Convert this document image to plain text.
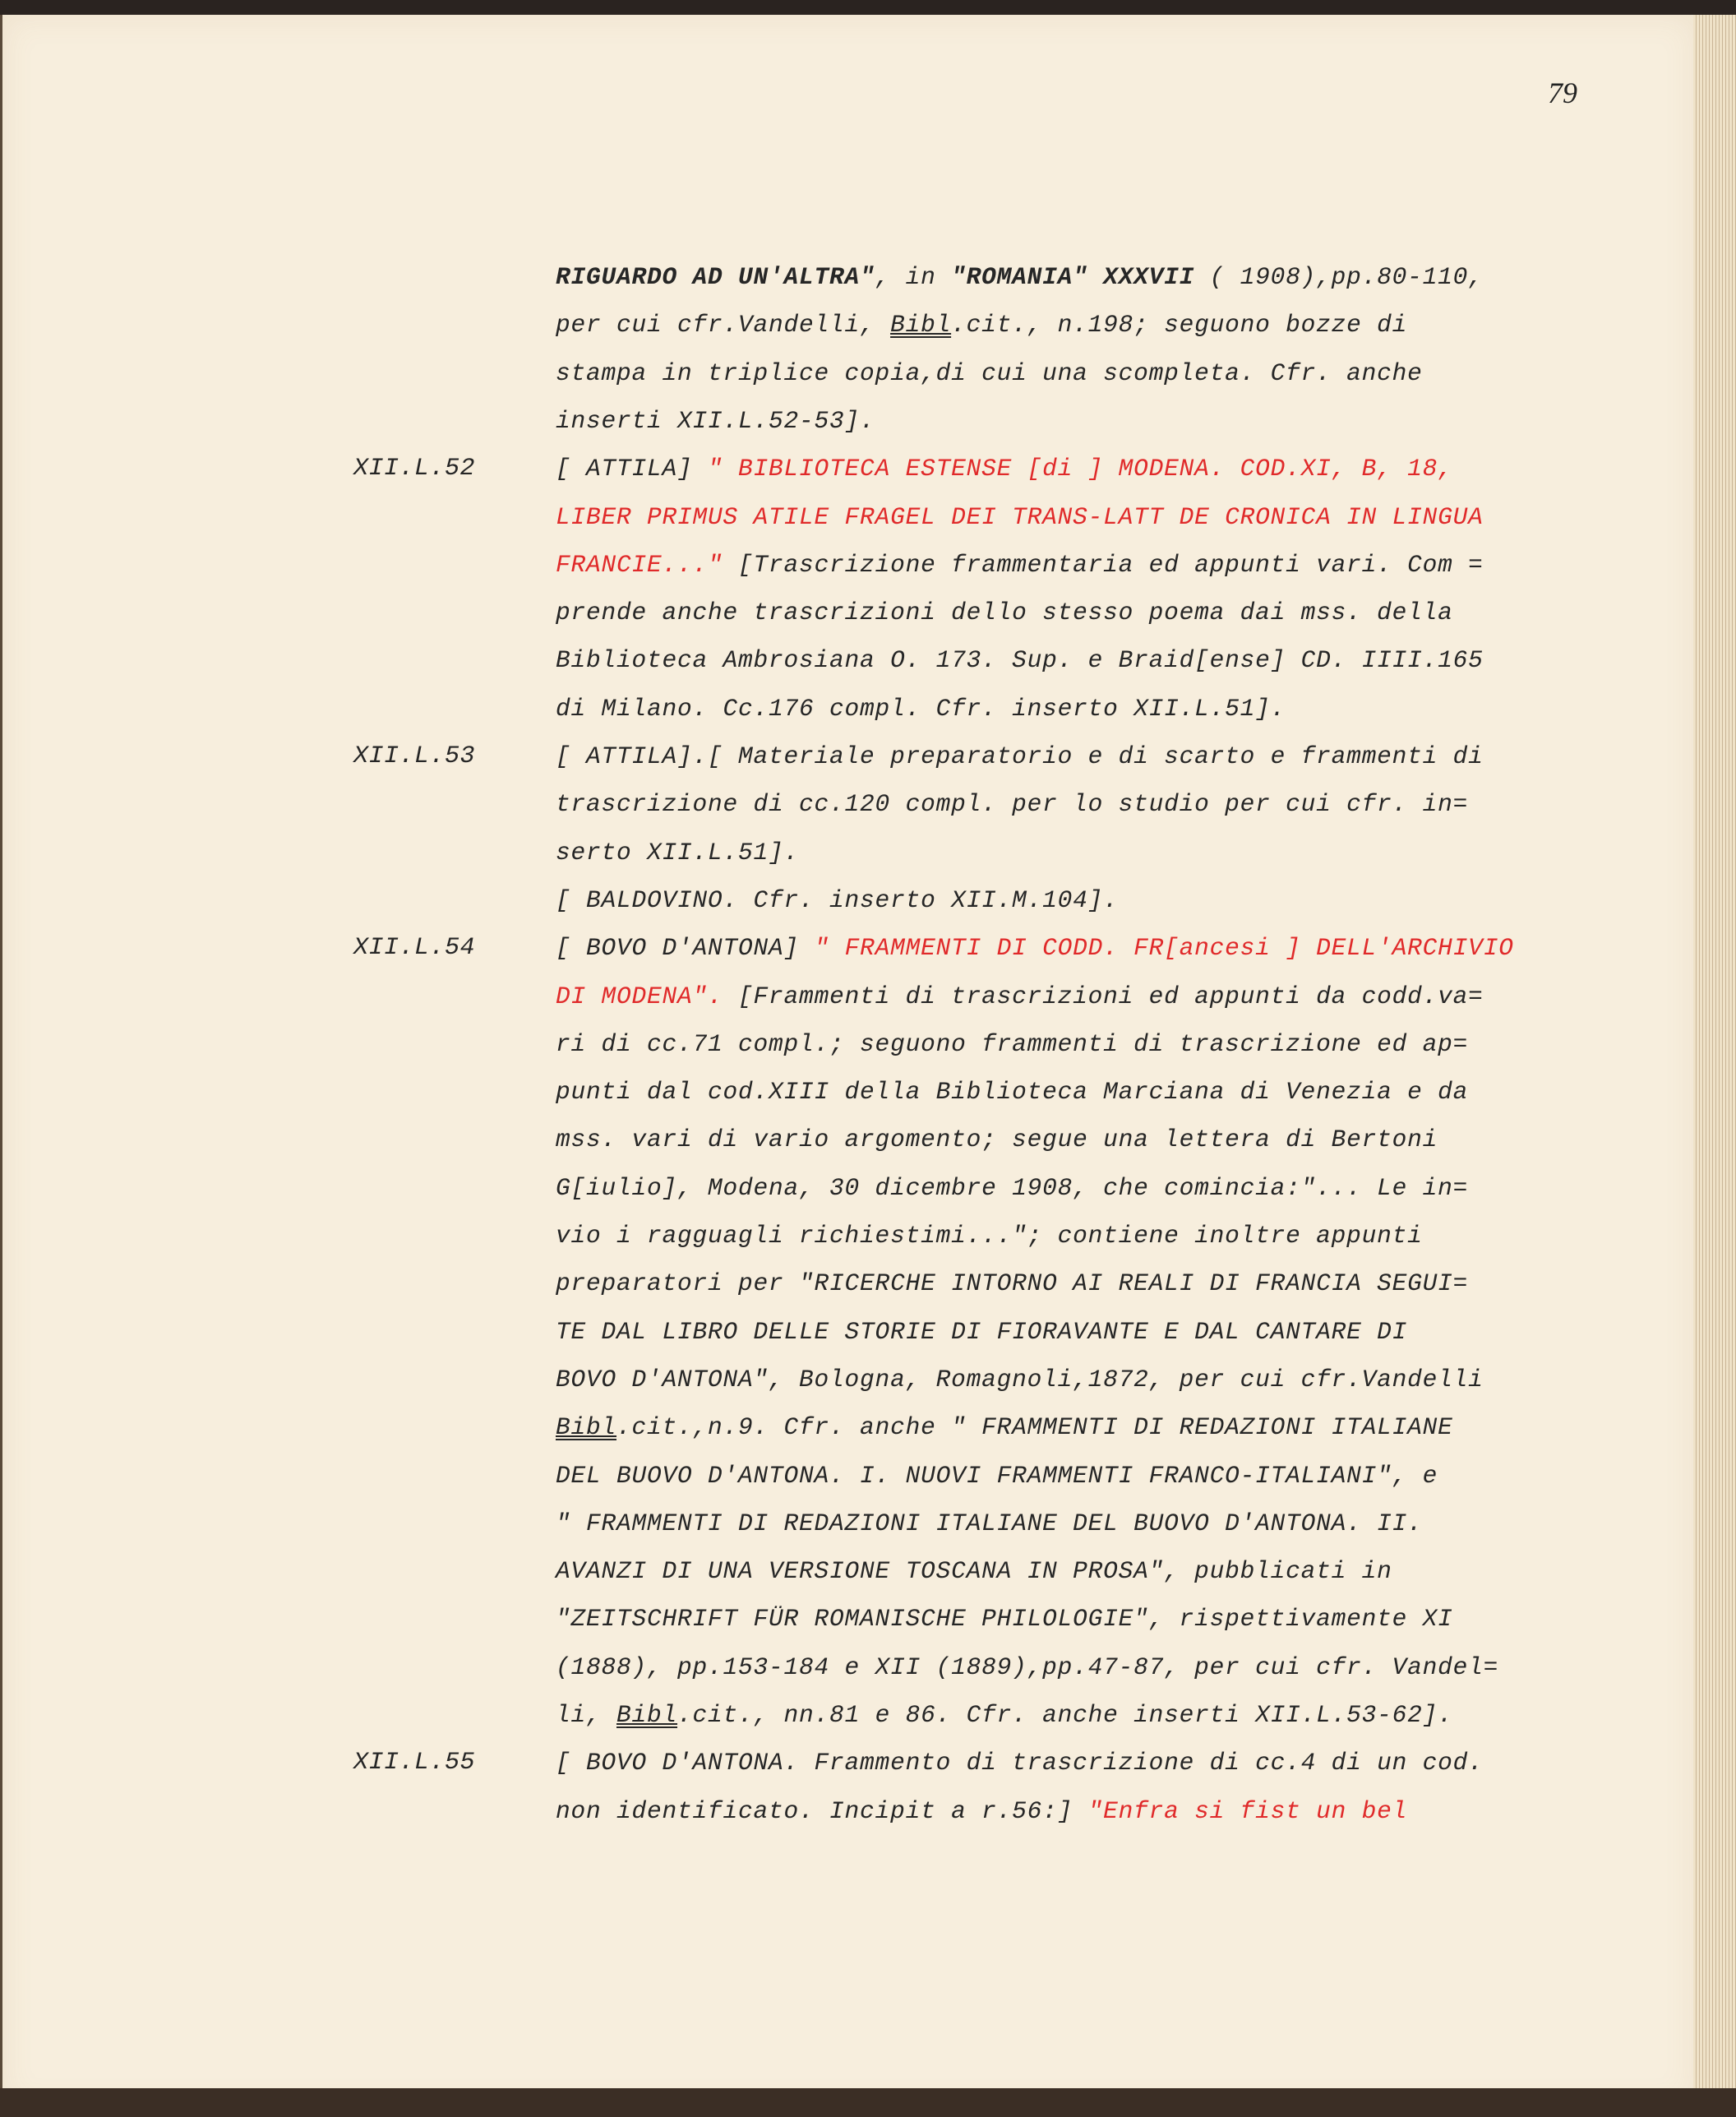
79
RIGUARDO AD UN'ALTRA", in "ROMANIA" XXXVII ( 1908),pp.80-110,
per cui cfr.Vandelli, Bibl.cit., n.198; seguono bozze di
stampa in triplice copia,di cui una scompleta. Cfr. anche
inserti XII.L.52-53].
XII.L.52	[ ATTILA] " BIBLIOTECA ESTENSE [di ] MODENA. COD.XI, B, 18,
LIBER PRIMUS ATILE FRAGEL DEI TRANS-LATT DE CRONICA IN LINGUA
FRANCIE..." [Trascrizione frammentaria ed appunti vari. Com =
prende anche trascrizioni dello stesso poema dai mss. della
Biblioteca Ambrosiana O. 173. Sup. e Braid[ense] CD. IIII.165
di Milano. Cc.176 compl. Cfr. inserto XII.L.51].
XII.L.53	[ ATTILA].[ Materiale preparatorio e di scarto e frammenti di
trascrizione di cc.120 compl. per lo studio per cui cfr. in=
serto XII.L.51].
[ BALDOVINO. Cfr. inserto XII.M.104].
XII.L.54	[ BOVO D'ANTONA] " FRAMMENTI DI CODD. FR[ancesi ] DELL'ARCHIVIO
DI MODENA". [Frammenti di trascrizioni ed appunti da codd.va=
ri di cc.71 compl.; seguono frammenti di trascrizione ed ap=
punti dal cod.XIII della Biblioteca Marciana di Venezia e da
mss. vari di vario argomento; segue una lettera di Bertoni
G[iulio], Modena, 30 dicembre 1908, che comincia:"... Le in=
vio i ragguagli richiestimi..."; contiene inoltre appunti
preparatori per "RICERCHE INTORNO AI REALI DI FRANCIA SEGUI=
TE DAL LIBRO DELLE STORIE DI FIORAVANTE E DAL CANTARE DI
BOVO D'ANTONA", Bologna, Romagnoli,1872, per cui cfr.Vandelli
Bibl.cit.,n.9. Cfr. anche " FRAMMENTI DI REDAZIONI ITALIANE
DEL BUOVO D'ANTONA. I. NUOVI FRAMMENTI FRANCO-ITALIANI", e
" FRAMMENTI DI REDAZIONI ITALIANE DEL BUOVO D'ANTONA. II.
AVANZI DI UNA VERSIONE TOSCANA IN PROSA", pubblicati in
"ZEITSCHRIFT FÜR ROMANISCHE PHILOLOGIE", rispettivamente XI
(1888), pp.153-184 e XII (1889),pp.47-87, per cui cfr. Vandel=
li, Bibl.cit., nn.81 e 86. Cfr. anche inserti XII.L.53-62].
XII.L.55	[ BOVO D'ANTONA. Frammento di trascrizione di cc.4 di un cod.
non identificato. Incipit a r.56:] "Enfra si fist un bel
